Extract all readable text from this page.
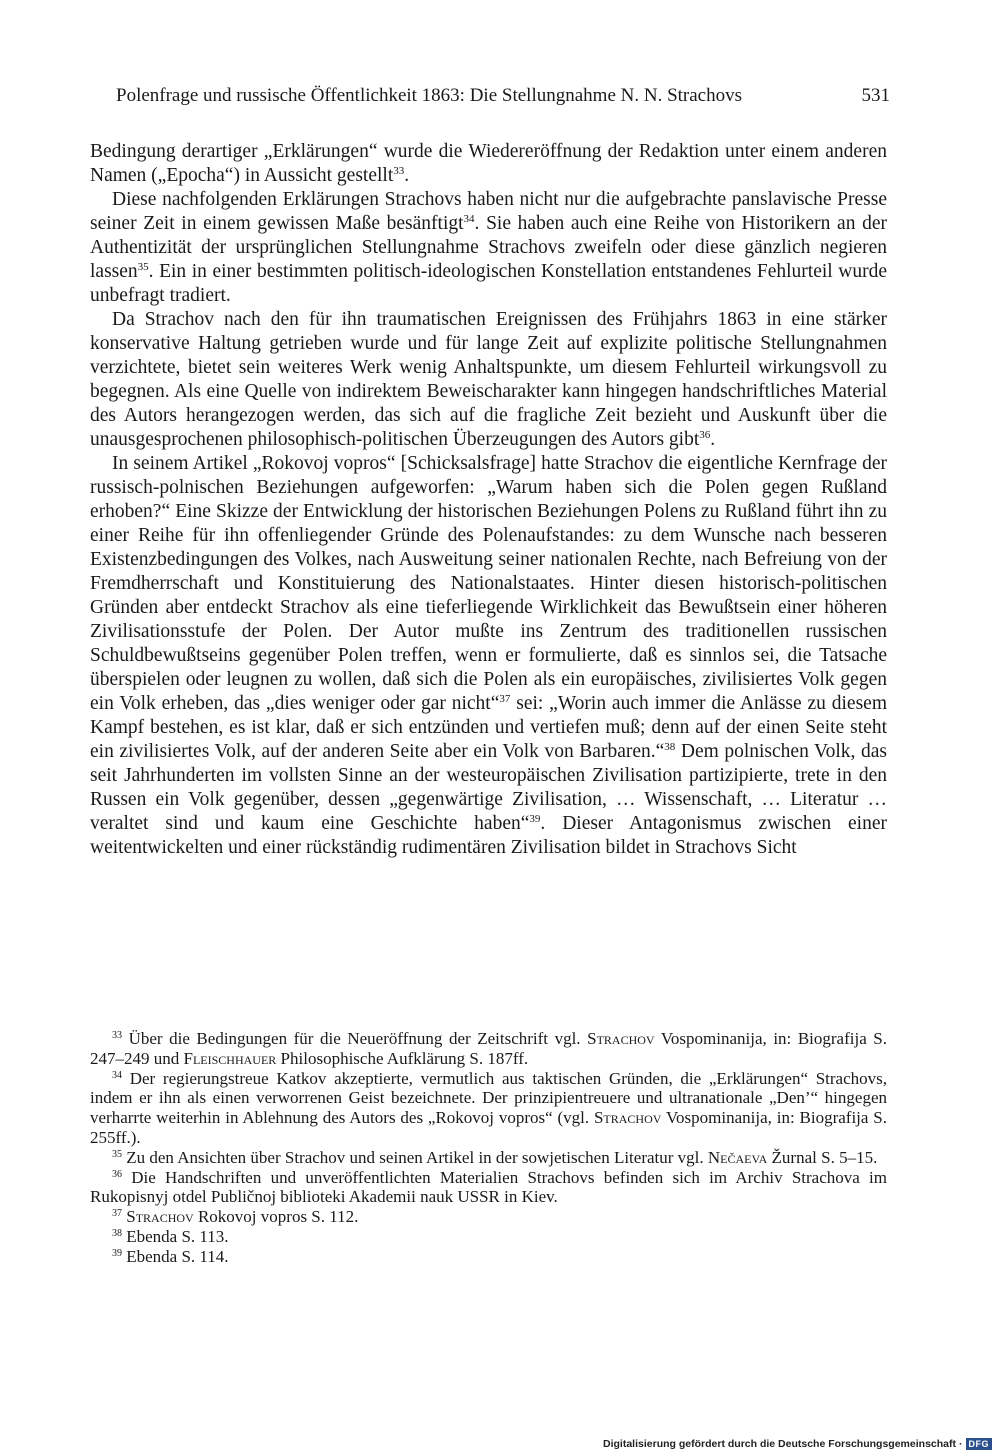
Polenfrage und russische Öffentlichkeit 1863: Die Stellungnahme N. N. Strachovs	531

Bedingung derartiger „Erklärungen“ wurde die Wiedereröffnung der Redaktion unter einem anderen Namen („Epocha“) in Aussicht gestellt$^{33}$.

Diese nachfolgenden Erklärungen Strachovs haben nicht nur die aufgebrachte panslavische Presse seiner Zeit in einem gewissen Maße besänftigt$^{34}$. Sie haben auch eine Reihe von Historikern an der Authentizität der ursprünglichen Stellungnahme Strachovs zweifeln oder diese gänzlich negieren lassen$^{35}$. Ein in einer bestimmten politisch-ideologischen Konstellation entstandenes Fehlurteil wurde unbefragt tradiert.

Da Strachov nach den für ihn traumatischen Ereignissen des Frühjahrs 1863 in eine stärker konservative Haltung getrieben wurde und für lange Zeit auf explizite politische Stellungnahmen verzichtete, bietet sein weiteres Werk wenig Anhaltspunkte, um diesem Fehlurteil wirkungsvoll zu begegnen. Als eine Quelle von indirektem Beweischarakter kann hingegen handschriftliches Material des Autors herangezogen werden, das sich auf die fragliche Zeit bezieht und Auskunft über die unausgesprochenen philosophisch-politischen Überzeugungen des Autors gibt$^{36}$.

In seinem Artikel „Rokovoj vopros“ [Schicksalsfrage] hatte Strachov die eigentliche Kernfrage der russisch-polnischen Beziehungen aufgeworfen: „Warum haben sich die Polen gegen Rußland erhoben?“ Eine Skizze der Entwicklung der historischen Beziehungen Polens zu Rußland führt ihn zu einer Reihe für ihn offenliegender Gründe des Polenaufstandes: zu dem Wunsche nach besseren Existenzbedingungen des Volkes, nach Ausweitung seiner nationalen Rechte, nach Befreiung von der Fremdherrschaft und Konstituierung des Nationalstaates. Hinter diesen historisch-politischen Gründen aber entdeckt Strachov als eine tieferliegende Wirklichkeit das Bewußtsein einer höheren Zivilisationsstufe der Polen. Der Autor mußte ins Zentrum des traditionellen russischen Schuldbewußtseins gegenüber Polen treffen, wenn er formulierte, daß es sinnlos sei, die Tatsache überspielen oder leugnen zu wollen, daß sich die Polen als ein europäisches, zivilisiertes Volk gegen ein Volk erheben, das „dies weniger oder gar nicht“$^{37}$ sei: „Worin auch immer die Anlässe zu diesem Kampf bestehen, es ist klar, daß er sich entzünden und vertiefen muß; denn auf der einen Seite steht ein zivilisiertes Volk, auf der anderen Seite aber ein Volk von Barbaren.“$^{38}$ Dem polnischen Volk, das seit Jahrhunderten im vollsten Sinne an der westeuropäischen Zivilisation partizipierte, trete in den Russen ein Volk gegenüber, dessen „gegenwärtige Zivilisation, … Wissenschaft, … Literatur … veraltet sind und kaum eine Geschichte haben“$^{39}$. Dieser Antagonismus zwischen einer weitentwickelten und einer rückständig rudimentären Zivilisation bildet in Strachovs Sicht

$^{33}$ Über die Bedingungen für die Neueröffnung der Zeitschrift vgl. Strachov Vospominanija, in: Biografija S. 247–249 und Fleischhauer Philosophische Aufklärung S. 187ff.

$^{34}$ Der regierungstreue Katkov akzeptierte, vermutlich aus taktischen Gründen, die „Erklärungen“ Strachovs, indem er ihn als einen verworrenen Geist bezeichnete. Der prinzipientreuere und ultranationale „Den’“ hingegen verharrte weiterhin in Ablehnung des Autors des „Rokovoj vopros“ (vgl. Strachov Vospominanija, in: Biografija S. 255ff.).

$^{35}$ Zu den Ansichten über Strachov und seinen Artikel in der sowjetischen Literatur vgl. Nečaeva Žurnal S. 5–15.

$^{36}$ Die Handschriften und unveröffentlichten Materialien Strachovs befinden sich im Archiv Strachova im Rukopisnyj otdel Publičnoj biblioteki Akademii nauk USSR in Kiev.

$^{37}$ Strachov Rokovoj vopros S. 112.

$^{38}$ Ebenda S. 113.

$^{39}$ Ebenda S. 114.

Digitalisierung gefördert durch die Deutsche Forschungsgemeinschaft · DFG
